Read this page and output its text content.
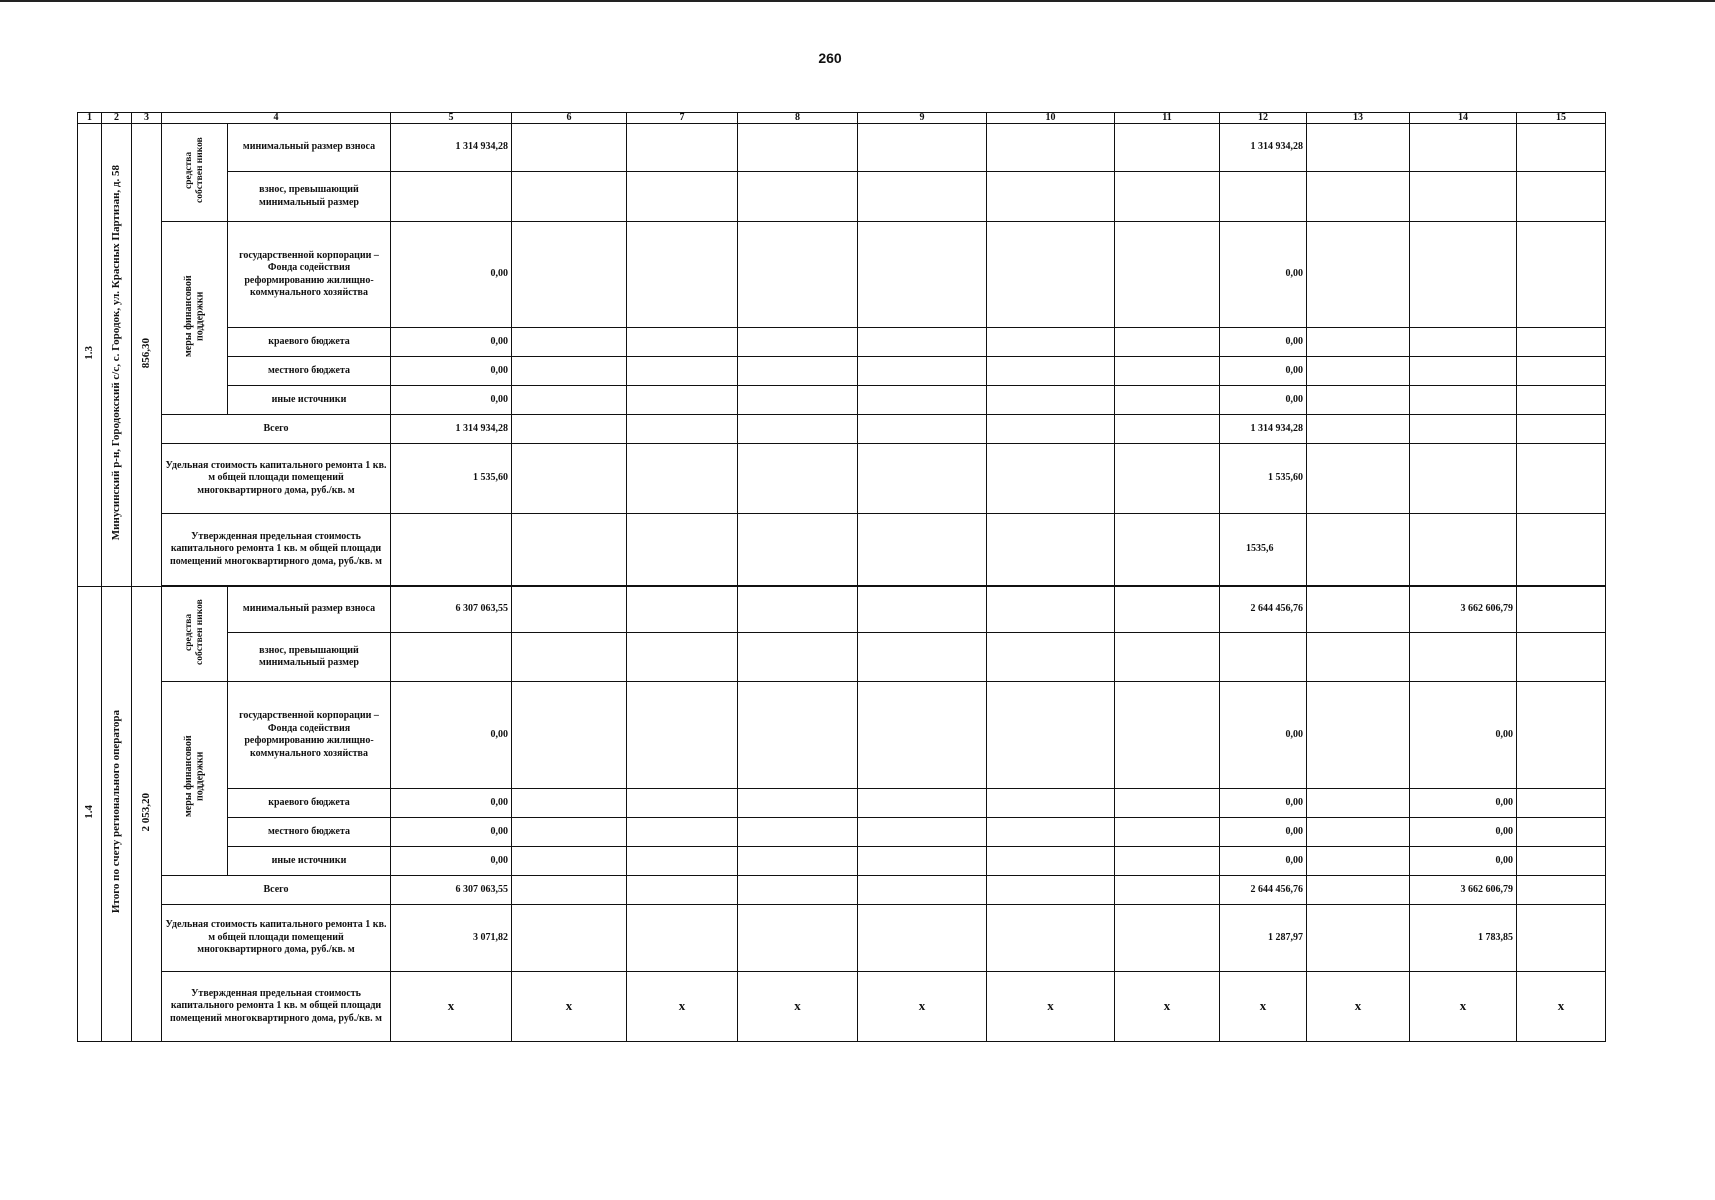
260
1	2	3	4		5	6	7	8	9	10	11	12	13	14	15
1.3	Минусинский р-н, Городокский с/с, с. Городок, ул. Красных Партизан, д. 58	856,30	средства собствен ников	минимальный размер взноса	1 314 934,28							1 314 934,28			
				взнос, превышающий минимальный размер											
			меры финансовой поддержки	государственной корпорации – Фонда содействия реформированию жилищно-коммунального хозяйства	0,00							0,00			
				краевого бюджета	0,00							0,00			
				местного бюджета	0,00							0,00			
				иные источники	0,00							0,00			
			Всего		1 314 934,28							1 314 934,28			
			Удельная стоимость капитального ремонта 1 кв. м общей площади помещений многоквартирного дома, руб./кв. м		1 535,60							1 535,60			
			Утвержденная предельная стоимость капитального ремонта 1 кв. м общей площади помещений многоквартирного дома, руб./кв. м									1535,6			

1.4	Итого по счету регионального оператора	2 053,20	средства собствен ников	минимальный размер взноса	6 307 063,55							2 644 456,76		3 662 606,79	
				взнос, превышающий минимальный размер											
			меры финансовой поддержки	государственной корпорации – Фонда содействия реформированию жилищно-коммунального хозяйства	0,00							0,00		0,00	
				краевого бюджета	0,00							0,00		0,00	
				местного бюджета	0,00							0,00		0,00	
				иные источники	0,00							0,00		0,00	
			Всего		6 307 063,55							2 644 456,76		3 662 606,79	
			Удельная стоимость капитального ремонта 1 кв. м общей площади помещений многоквартирного дома, руб./кв. м		3 071,82							1 287,97		1 783,85	
			Утвержденная предельная стоимость капитального ремонта 1 кв. м общей площади помещений многоквартирного дома, руб./кв. м		x	x	x	x	x	x	x	x	x	x	x
